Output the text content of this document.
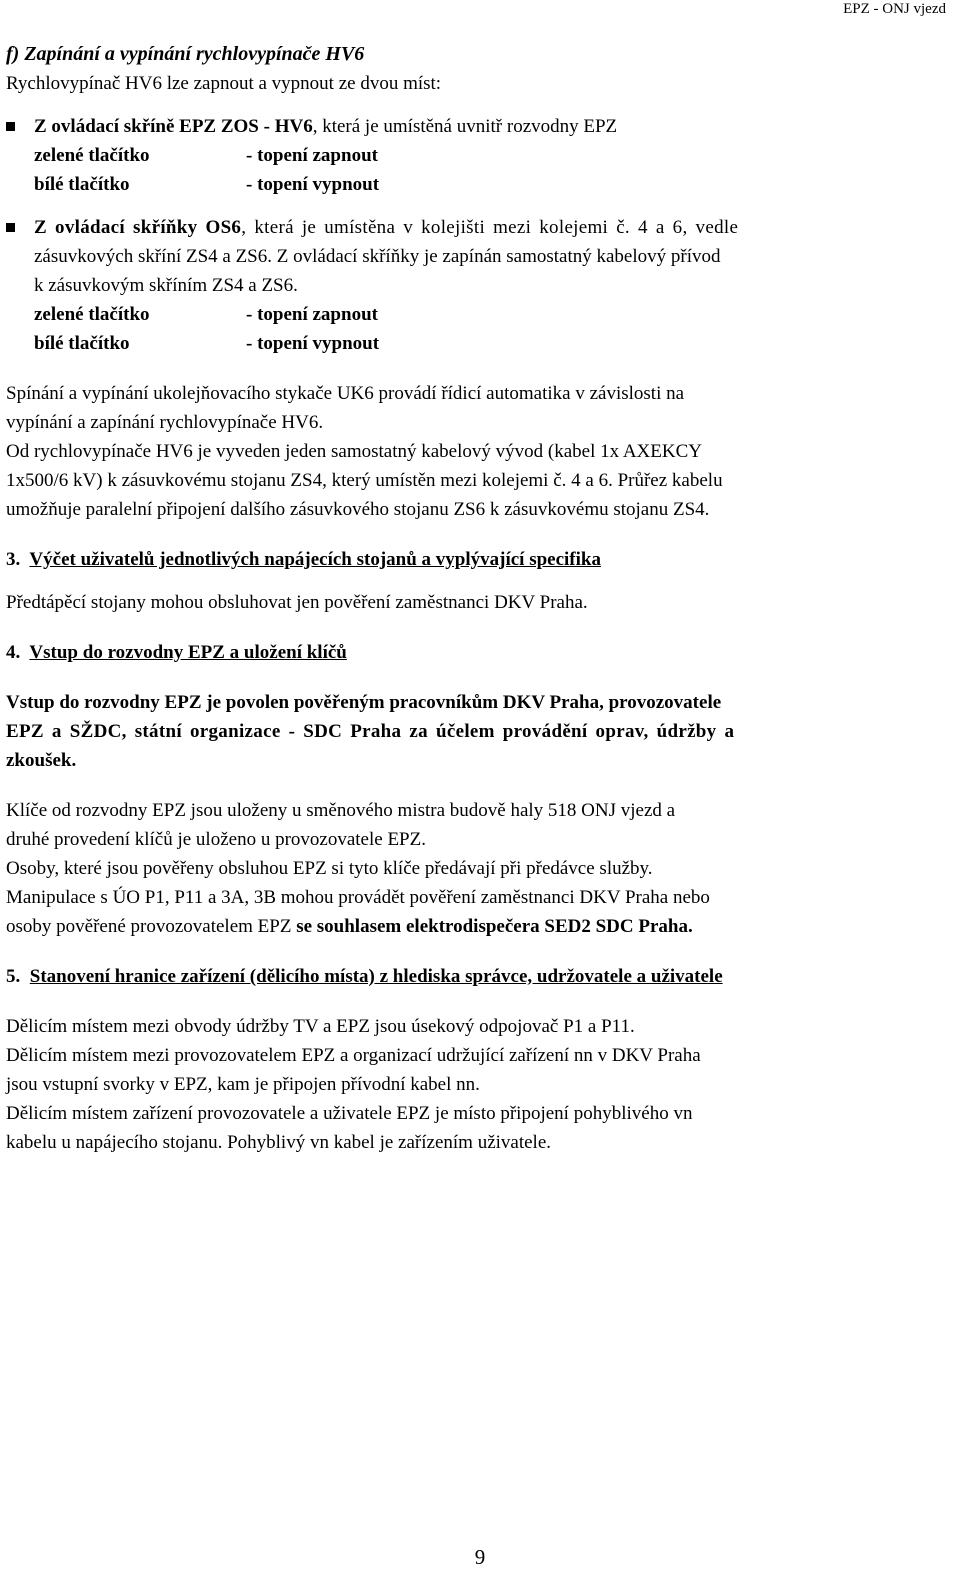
EPZ - ONJ vjezd
f) Zapínání a vypínání rychlovypínače HV6
Rychlovypínač HV6 lze zapnout a vypnout ze dvou míst:
Z ovládací skříně EPZ ZOS - HV6, která je umístěná uvnitř rozvodny EPZ
zelené tlačítko	- topení zapnout
bílé tlačítko	- topení vypnout
Z ovládací skříňky OS6, která je umístěna v kolejišti mezi kolejemi č. 4 a 6, vedle
zásuvkových skříní ZS4 a ZS6. Z ovládací skříňky je zapínán samostatný kabelový přívod
k zásuvkovým skříním ZS4 a ZS6.
zelené tlačítko	- topení zapnout
bílé tlačítko	- topení vypnout
Spínání a vypínání ukolejňovacího stykače UK6 provádí řídicí automatika v závislosti na
vypínání a zapínání rychlovypínače HV6.
Od rychlovypínače HV6 je vyveden jeden samostatný kabelový vývod (kabel 1x AXEKCY
1x500/6 kV) k zásuvkovému stojanu ZS4, který umístěn mezi kolejemi č. 4 a 6. Průřez kabelu
umožňuje paralelní připojení dalšího zásuvkového stojanu ZS6 k zásuvkovému stojanu ZS4.
3. Výčet uživatelů jednotlivých napájecích stojanů a vyplývající specifika
Předtápěcí stojany mohou obsluhovat jen pověření zaměstnanci DKV Praha.
4. Vstup do rozvodny EPZ a uložení klíčů
Vstup do rozvodny EPZ je povolen pověřeným pracovníkům DKV Praha, provozovatele
EPZ a SŽDC, státní organizace - SDC Praha za účelem provádění oprav, údržby a
zkoušek.
Klíče od rozvodny EPZ jsou uloženy u směnového mistra budově haly 518 ONJ vjezd a
druhé provedení klíčů je uloženo u provozovatele EPZ.
Osoby, které jsou pověřeny obsluhou EPZ si tyto klíče předávají při předávce služby.
Manipulace s ÚO P1, P11 a 3A, 3B mohou provádět pověření zaměstnanci DKV Praha nebo
osoby pověřené provozovatelem EPZ se souhlasem elektrodispečera SED2 SDC Praha.
5. Stanovení hranice zařízení (dělicího místa) z hlediska správce, udržovatele a uživatele
Dělicím místem mezi obvody údržby TV a EPZ jsou úsekový odpojovač P1 a P11.
Dělicím místem mezi provozovatelem EPZ a organizací udržující zařízení nn v DKV Praha
jsou vstupní svorky v EPZ, kam je připojen přívodní kabel nn.
Dělicím místem zařízení provozovatele a uživatele EPZ je místo připojení pohyblivého vn
kabelu u napájecího stojanu. Pohyblivý vn kabel je zařízením uživatele.
9
